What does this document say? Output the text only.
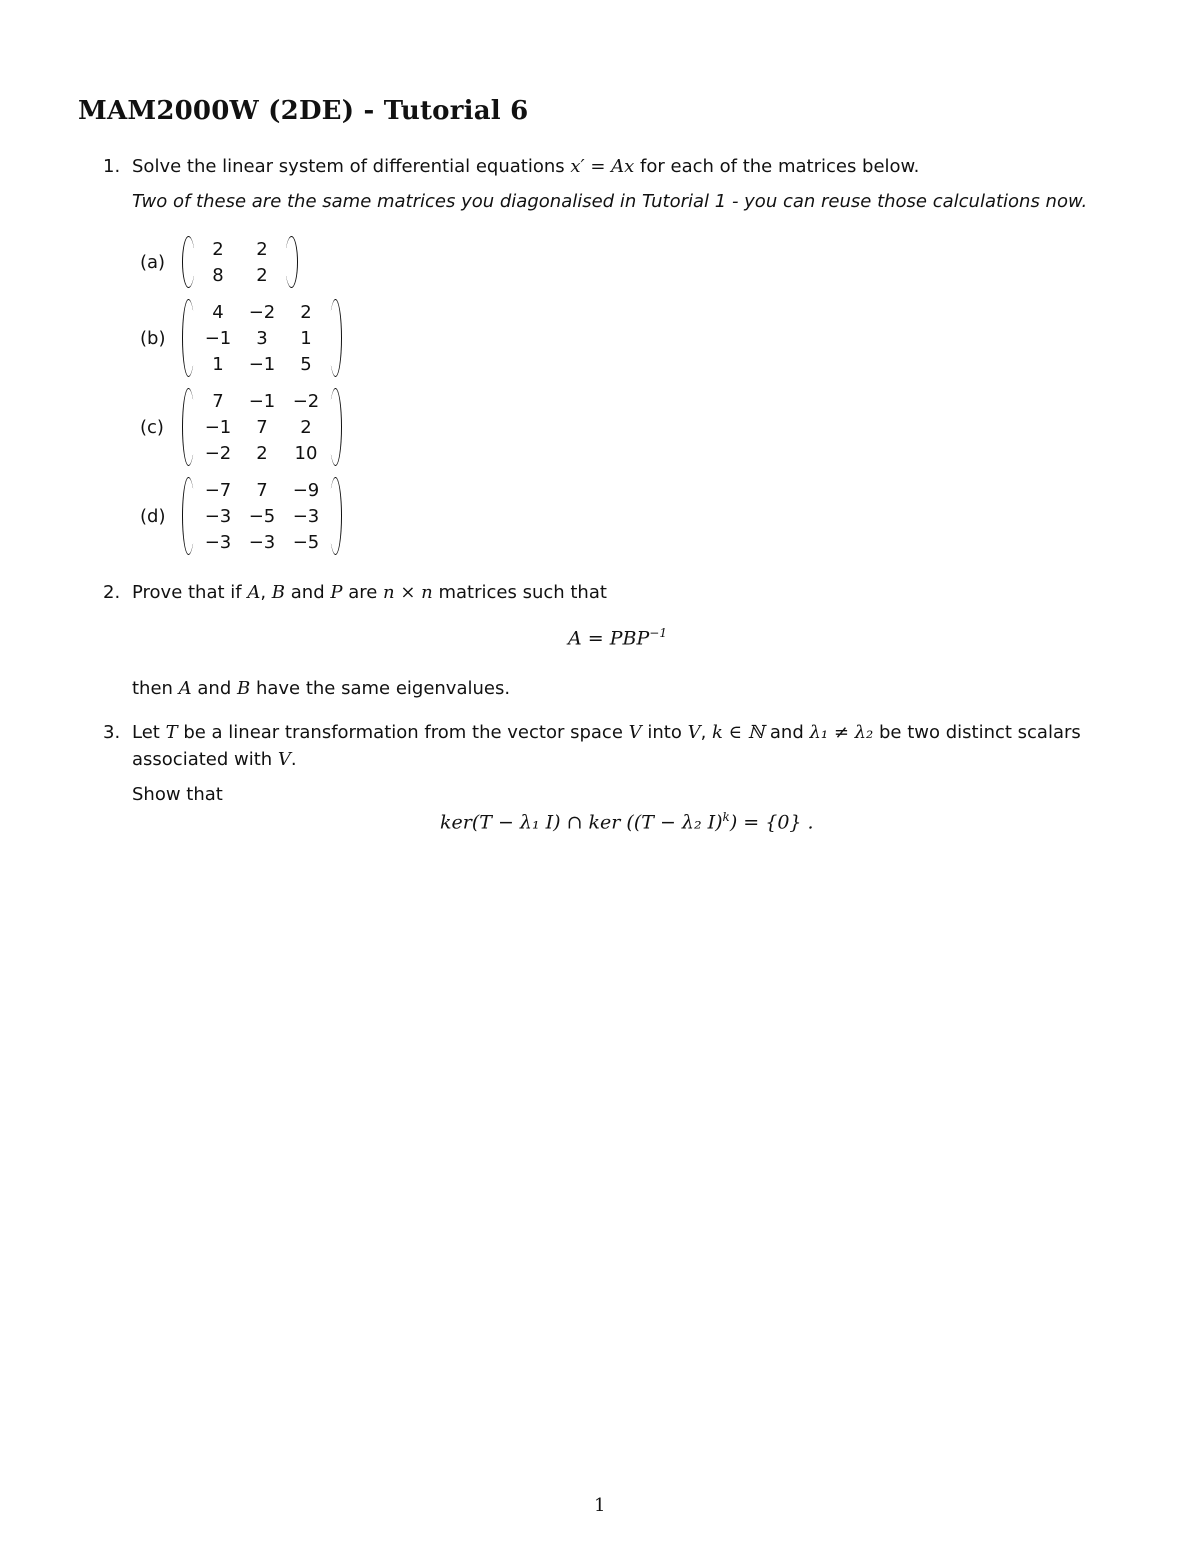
MAM2000W (2DE) - Tutorial 6
1. Solve the linear system of differential equations x′ = Ax for each of the matrices below.
Two of these are the same matrices you diagonalised in Tutorial 1 - you can reuse those calculations now.
(a)
2	2
8	2
(b)
4	−2	2
−1	3	1
1	−1	5
(c)
7	−1	−2
−1	7	2
−2	2	10
(d)
−7	7	−9
−3	−5	−3
−3	−3	−5
2. Prove that if A, B and P are n × n matrices such that
$A = PBP^{-1}$
then A and B have the same eigenvalues.
3. Let T be a linear transformation from the vector space V into V, k ∈ ℕ and λ₁ ≠ λ₂ be two distinct scalars
associated with V.
Show that
ker(T − λ₁ I) ∩ ker ((T − λ₂ I)$^k$) = {0} .
1
